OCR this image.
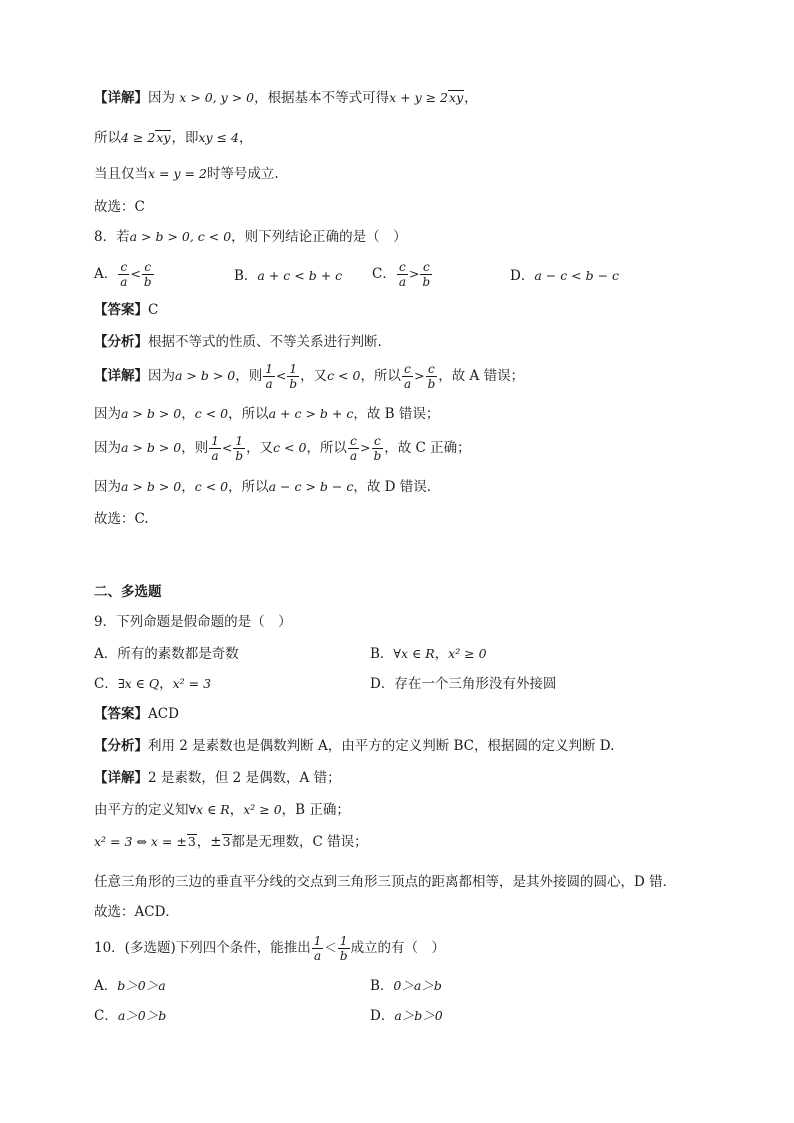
【详解】因为 x > 0, y > 0，根据基本不等式可得x + y ≥ 2xy，
所以4 ≥ 2xy，即xy ≤ 4，
当且仅当x = y = 2时等号成立.
故选：C
8．若a > b > 0, c < 0，则下列结论正确的是（　）
A． $\frac{c}{a} < \frac{c}{b}$	B．a + c < b + c C． $\frac{c}{a} > \frac{c}{b}$	D．a − c < b − c
【答案】C
【分析】根据不等式的性质、不等关系进行判断.
【详解】因为a > b > 0，则 $\frac{1}{a} < \frac{1}{b}$ ，又c < 0，所以 $\frac{c}{a} > \frac{c}{b}$ ，故 A 错误；
因为a > b > 0，c < 0，所以a + c > b + c，故 B 错误；
因为a > b > 0，则 $\frac{1}{a} < \frac{1}{b}$ ，又c < 0，所以 $\frac{c}{a} > \frac{c}{b}$ ，故 C 正确；
因为a > b > 0，c < 0，所以a − c > b − c，故 D 错误.
故选：C.
二、多选题
9．下列命题是假命题的是（　）
A．所有的素数都是奇数	B．∀x ∈ R，x² ≥ 0
C．∃x ∈ Q，x² = 3	D．存在一个三角形没有外接圆
【答案】ACD
【分析】利用 2 是素数也是偶数判断 A，由平方的定义判断 BC，根据圆的定义判断 D.
【详解】2 是素数，但 2 是偶数，A 错；
由平方的定义知∀x ∈ R，x² ≥ 0，B 正确；
x² = 3 ⇔ x = ±3，±3都是无理数，C 错误；
任意三角形的三边的垂直平分线的交点到三角形三顶点的距离都相等，是其外接圆的圆心，D 错．
故选：ACD．
10．(多选题)下列四个条件，能推出 $\frac{1}{a} < \frac{1}{b}$ 成立的有（　）
A．b＞0＞a	B．0＞a＞b
C．a＞0＞b	D．a＞b＞0
